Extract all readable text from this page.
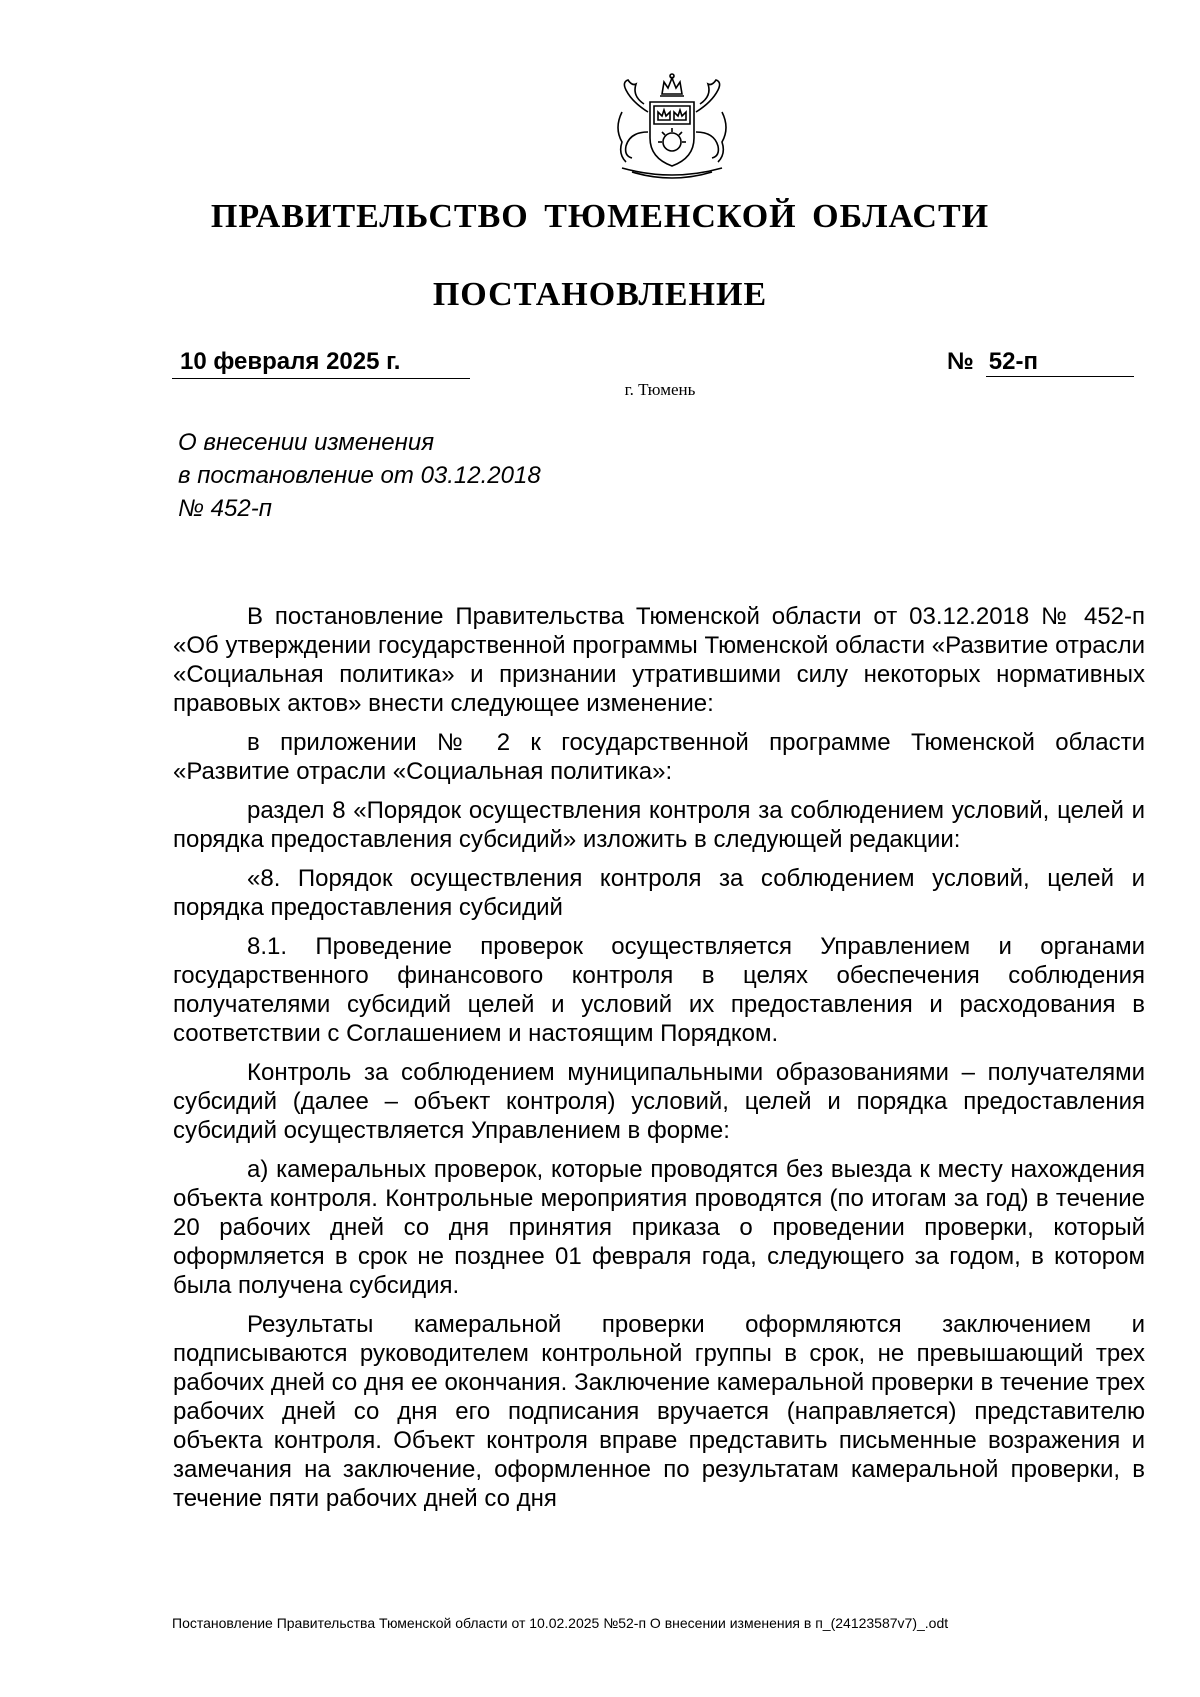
ПРАВИТЕЛЬСТВО ТЮМЕНСКОЙ ОБЛАСТИ
ПОСТАНОВЛЕНИЕ
10 февраля 2025 г.	№ 52-п
г. Тюмень
О внесении изменения
в постановление от 03.12.2018
№ 452-п

В постановление Правительства Тюменской области от 03.12.2018 № 452-п «Об утверждении государственной программы Тюменской области «Развитие отрасли «Социальная политика» и признании утратившими силу некоторых нормативных правовых актов» внести следующее изменение:

в приложении № 2 к государственной программе Тюменской области «Развитие отрасли «Социальная политика»:

раздел 8 «Порядок осуществления контроля за соблюдением условий, целей и порядка предоставления субсидий» изложить в следующей редакции:

«8. Порядок осуществления контроля за соблюдением условий, целей и порядка предоставления субсидий

8.1. Проведение проверок осуществляется Управлением и органами государственного финансового контроля в целях обеспечения соблюдения получателями субсидий целей и условий их предоставления и расходования в соответствии с Соглашением и настоящим Порядком.

Контроль за соблюдением муниципальными образованиями – получателями субсидий (далее – объект контроля) условий, целей и порядка предоставления субсидий осуществляется Управлением в форме:

а) камеральных проверок, которые проводятся без выезда к месту нахождения объекта контроля. Контрольные мероприятия проводятся (по итогам за год) в течение 20 рабочих дней со дня принятия приказа о проведении проверки, который оформляется в срок не позднее 01 февраля года, следующего за годом, в котором была получена субсидия.

Результаты камеральной проверки оформляются заключением и подписываются руководителем контрольной группы в срок, не превышающий трех рабочих дней со дня ее окончания. Заключение камеральной проверки в течение трех рабочих дней со дня его подписания вручается (направляется) представителю объекта контроля. Объект контроля вправе представить письменные возражения и замечания на заключение, оформленное по результатам камеральной проверки, в течение пяти рабочих дней со дня

Постановление Правительства Тюменской области от 10.02.2025 №52-п О внесении изменения в п_(24123587v7)_.odt
